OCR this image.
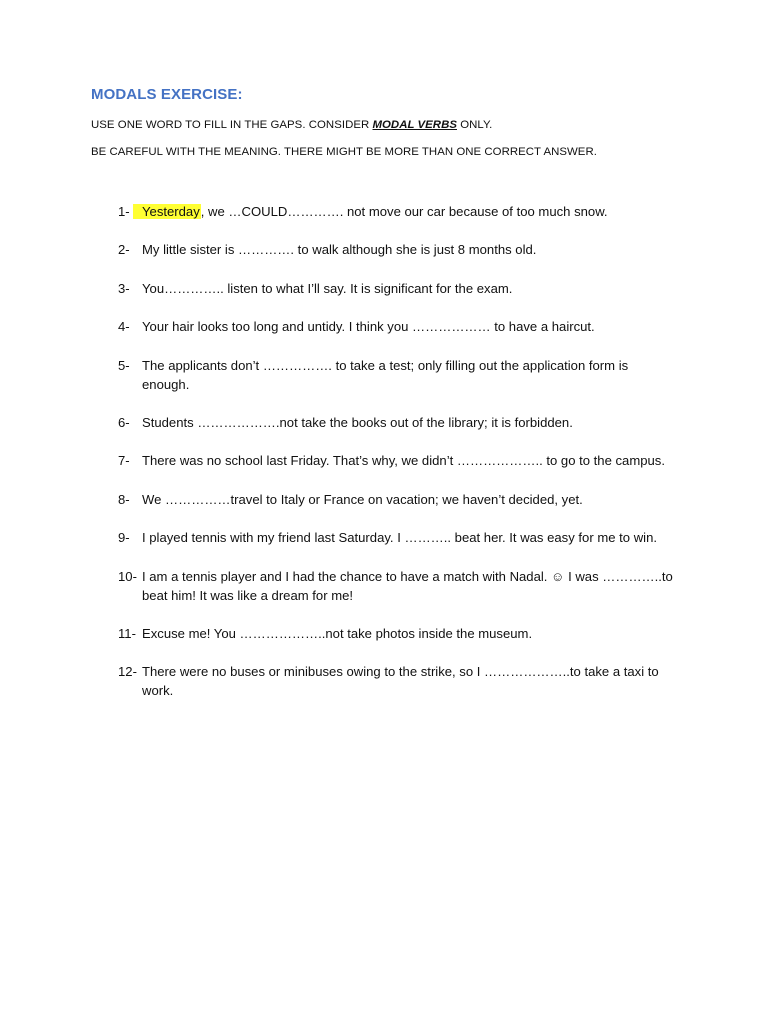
MODALS EXERCISE:
USE ONE WORD TO FILL IN THE GAPS. CONSIDER MODAL VERBS ONLY.
BE CAREFUL WITH THE MEANING. THERE MIGHT BE MORE THAN ONE CORRECT ANSWER.
1- Yesterday, we …COULD…………. not move our car because of too much snow.
2- My little sister is …………. to walk although she is just 8 months old.
3- You………….. listen to what I’ll say. It is significant for the exam.
4- Your hair looks too long and untidy. I think you ……………… to have a haircut.
5- The applicants don’t ……………. to take a test; only filling out the application form is enough.
6- Students ……………….not take the books out of the library; it is forbidden.
7- There was no school last Friday. That’s why, we didn’t ……………….. to go to the campus.
8- We ……………travel to Italy or France on vacation; we haven’t decided, yet.
9- I played tennis with my friend last Saturday. I ……….. beat her. It was easy for me to win.
10- I am a tennis player and I had the chance to have a match with Nadal. ☺ I was …………..to beat him! It was like a dream for me!
11- Excuse me! You ………………..not take photos inside the museum.
12- There were no buses or minibuses owing to the strike, so I ………………..to take a taxi to work.
